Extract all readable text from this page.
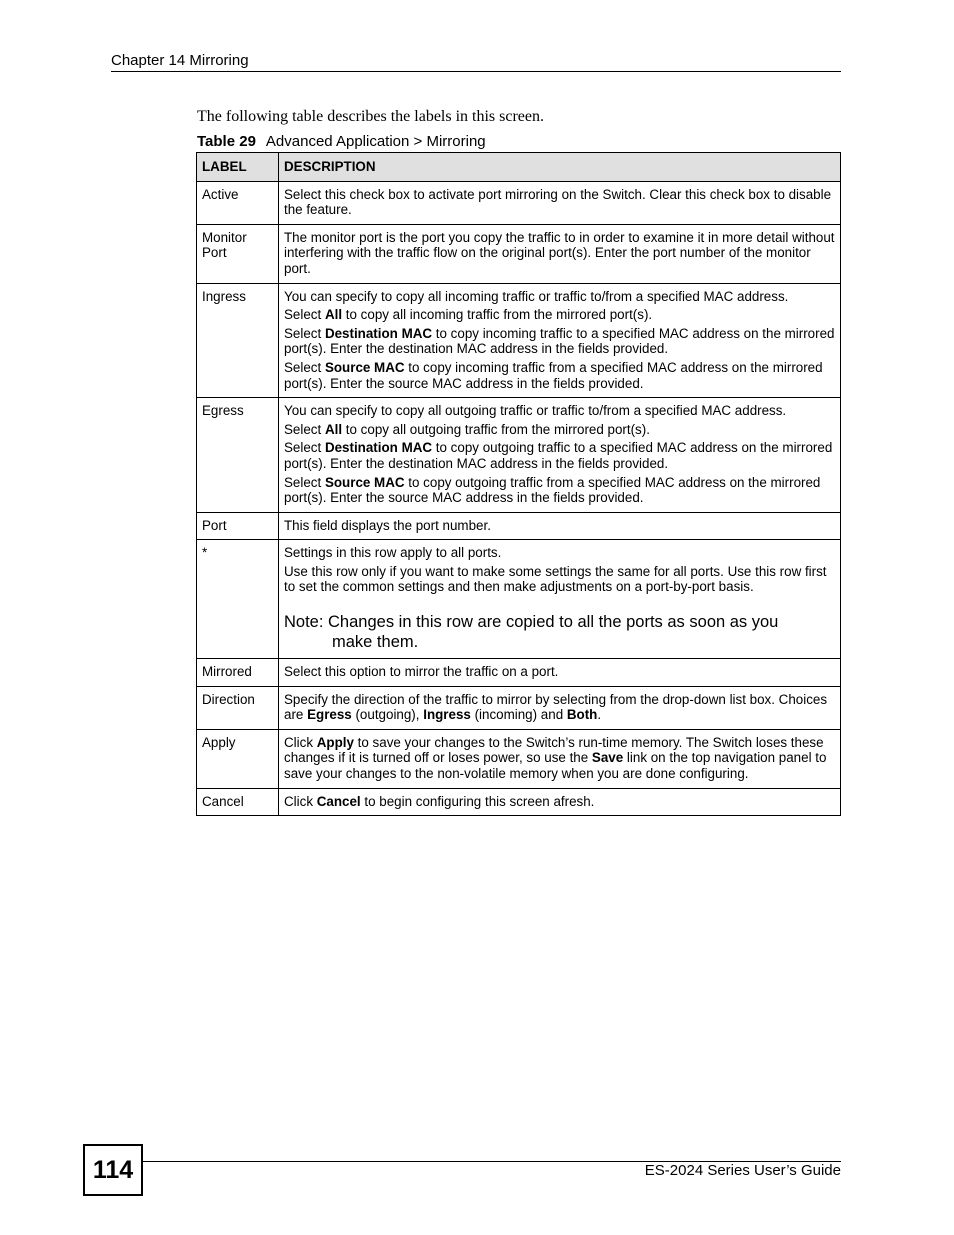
Chapter 14 Mirroring
The following table describes the labels in this screen.
Table 29 Advanced Application > Mirroring
LABEL	DESCRIPTION
Active	Select this check box to activate port mirroring on the Switch. Clear this check box to disable the feature.

Monitor Port	The monitor port is the port you copy the traffic to in order to examine it in more detail without interfering with the traffic flow on the original port(s). Enter the port number of the monitor port.

Ingress	You can specify to copy all incoming traffic or traffic to/from a specified MAC address.

Select All to copy all incoming traffic from the mirrored port(s).

Select Destination MAC to copy incoming traffic to a specified MAC address on the mirrored port(s). Enter the destination MAC address in the fields provided.

Select Source MAC to copy incoming traffic from a specified MAC address on the mirrored port(s). Enter the source MAC address in the fields provided.

Egress	You can specify to copy all outgoing traffic or traffic to/from a specified MAC address.

Select All to copy all outgoing traffic from the mirrored port(s).

Select Destination MAC to copy outgoing traffic to a specified MAC address on the mirrored port(s). Enter the destination MAC address in the fields provided.

Select Source MAC to copy outgoing traffic from a specified MAC address on the mirrored port(s). Enter the source MAC address in the fields provided.

Port	This field displays the port number.

*	Settings in this row apply to all ports.

Use this row only if you want to make some settings the same for all ports. Use this row first to set the common settings and then make adjustments on a port-by-port basis.

Note: Changes in this row are copied to all the ports as soon as you
make them.

Mirrored	Select this option to mirror the traffic on a port.

Direction	Specify the direction of the traffic to mirror by selecting from the drop-down list box. Choices are Egress (outgoing), Ingress (incoming) and Both.

Apply	Click Apply to save your changes to the Switch’s run-time memory. The Switch loses these changes if it is turned off or loses power, so use the Save link on the top navigation panel to save your changes to the non-volatile memory when you are done configuring.

Cancel	Click Cancel to begin configuring this screen afresh.

114	ES-2024 Series User’s Guide
